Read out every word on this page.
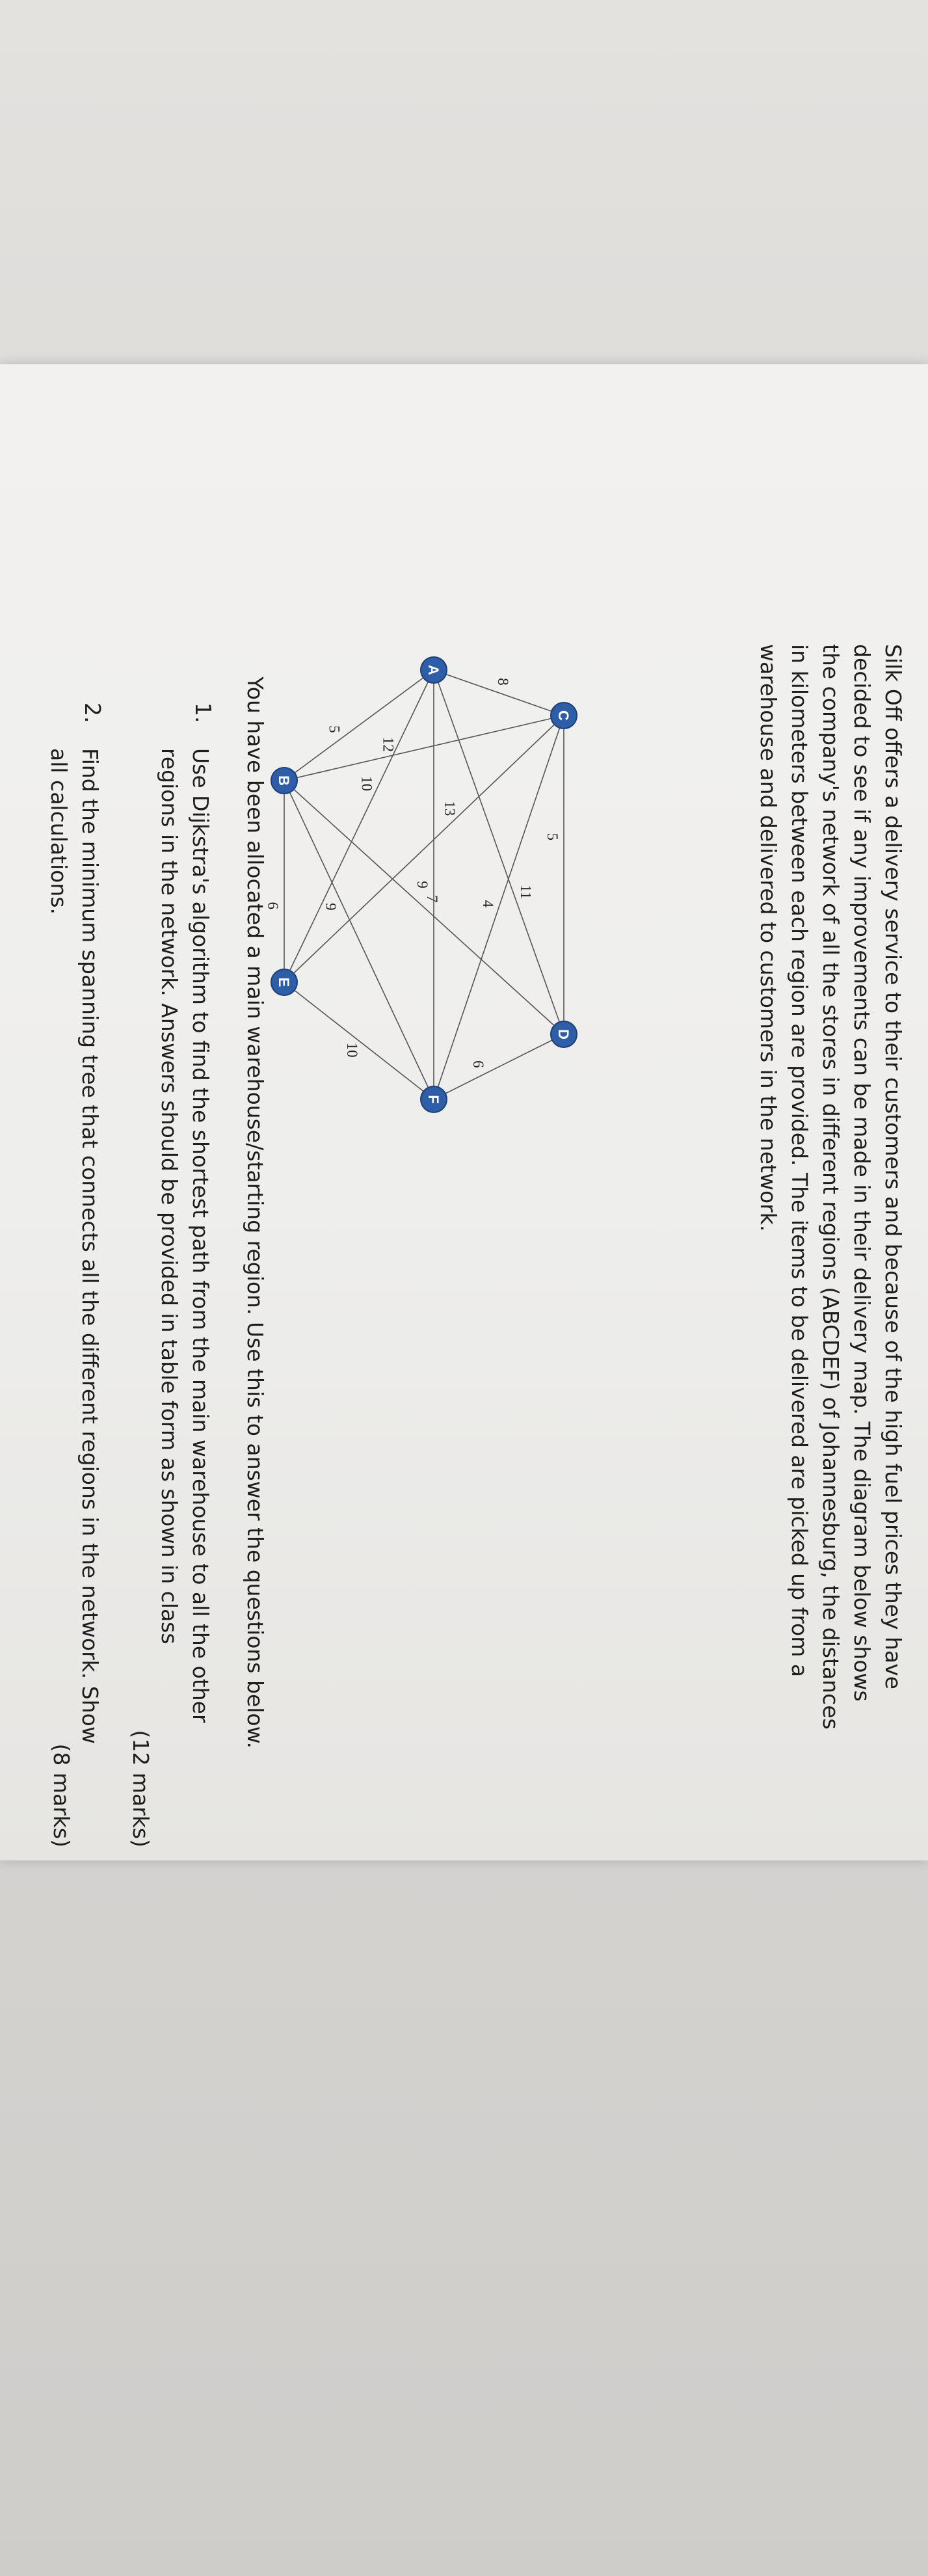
Silk Off offers a delivery service to their customers and because of the high fuel prices they have
decided to see if any improvements can be made in their delivery map. The diagram below shows
the company's network of all the stores in different regions (ABCDEF) of Johannesburg, the distances
in kilometers between each region are provided. The items to be delivered are picked up from a
warehouse and delivered to customers in the network.
5
8
12
13
4
6
11
7
5
10
9
6	9
10
C
D
A
F
B
E
You have been allocated a main warehouse/starting region. Use this to answer the questions below.
1.
Use Dijkstra's algorithm to find the shortest path from the main warehouse to all the other
regions in the network. Answers should be provided in table form as shown in class
(12 marks)
2.
Find the minimum spanning tree that connects all the different regions in the network. Show
all calculations.
(8 marks)
